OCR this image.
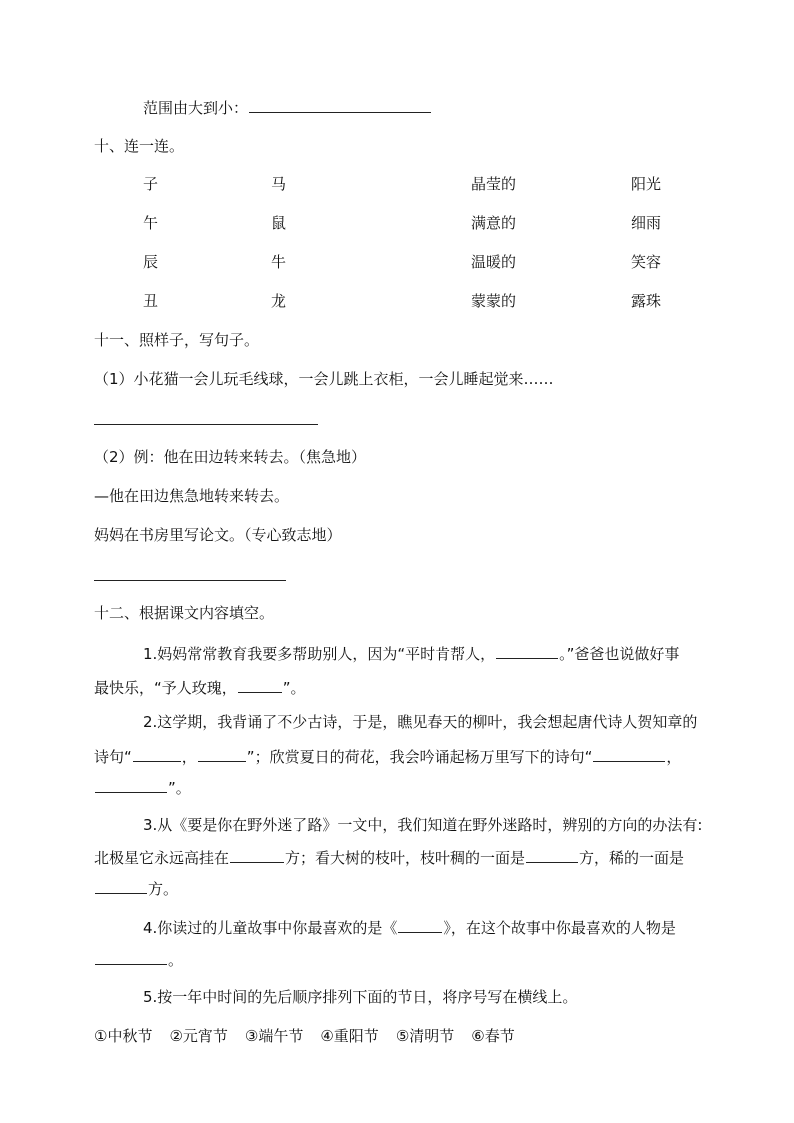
范围由大到小：
十、连一连。
子	马	晶莹的	阳光
午	鼠	满意的	细雨
辰	牛	温暖的	笑容
丑	龙	蒙蒙的	露珠
十一、照样子，写句子。
（1）小花猫一会儿玩毛线球，一会儿跳上衣柜，一会儿睡起觉来……
（2）例：他在田边转来转去。（焦急地）
—他在田边焦急地转来转去。
妈妈在书房里写论文。（专心致志地）
十二、根据课文内容填空。
1.妈妈常常教育我要多帮助别人，因为“平时肯帮人，	。”爸爸也说做好事
最快乐，“予人玫瑰，	”。
2.这学期，我背诵了不少古诗，于是，瞧见春天的柳叶，我会想起唐代诗人贺知章的
诗句“	，	”；欣赏夏日的荷花，我会吟诵起杨万里写下的诗句“	，
”。
3.从《要是你在野外迷了路》一文中，我们知道在野外迷路时，辨别的方向的办法有:
北极星它永远高挂在	方；看大树的枝叶，枝叶稠的一面是	方，稀的一面是
方。
4.你读过的儿童故事中你最喜欢的是《	》，在这个故事中你最喜欢的人物是
。
5.按一年中时间的先后顺序排列下面的节日，将序号写在横线上。
①中秋节 ②元宵节 ③端午节 ④重阳节 ⑤清明节 ⑥春节
